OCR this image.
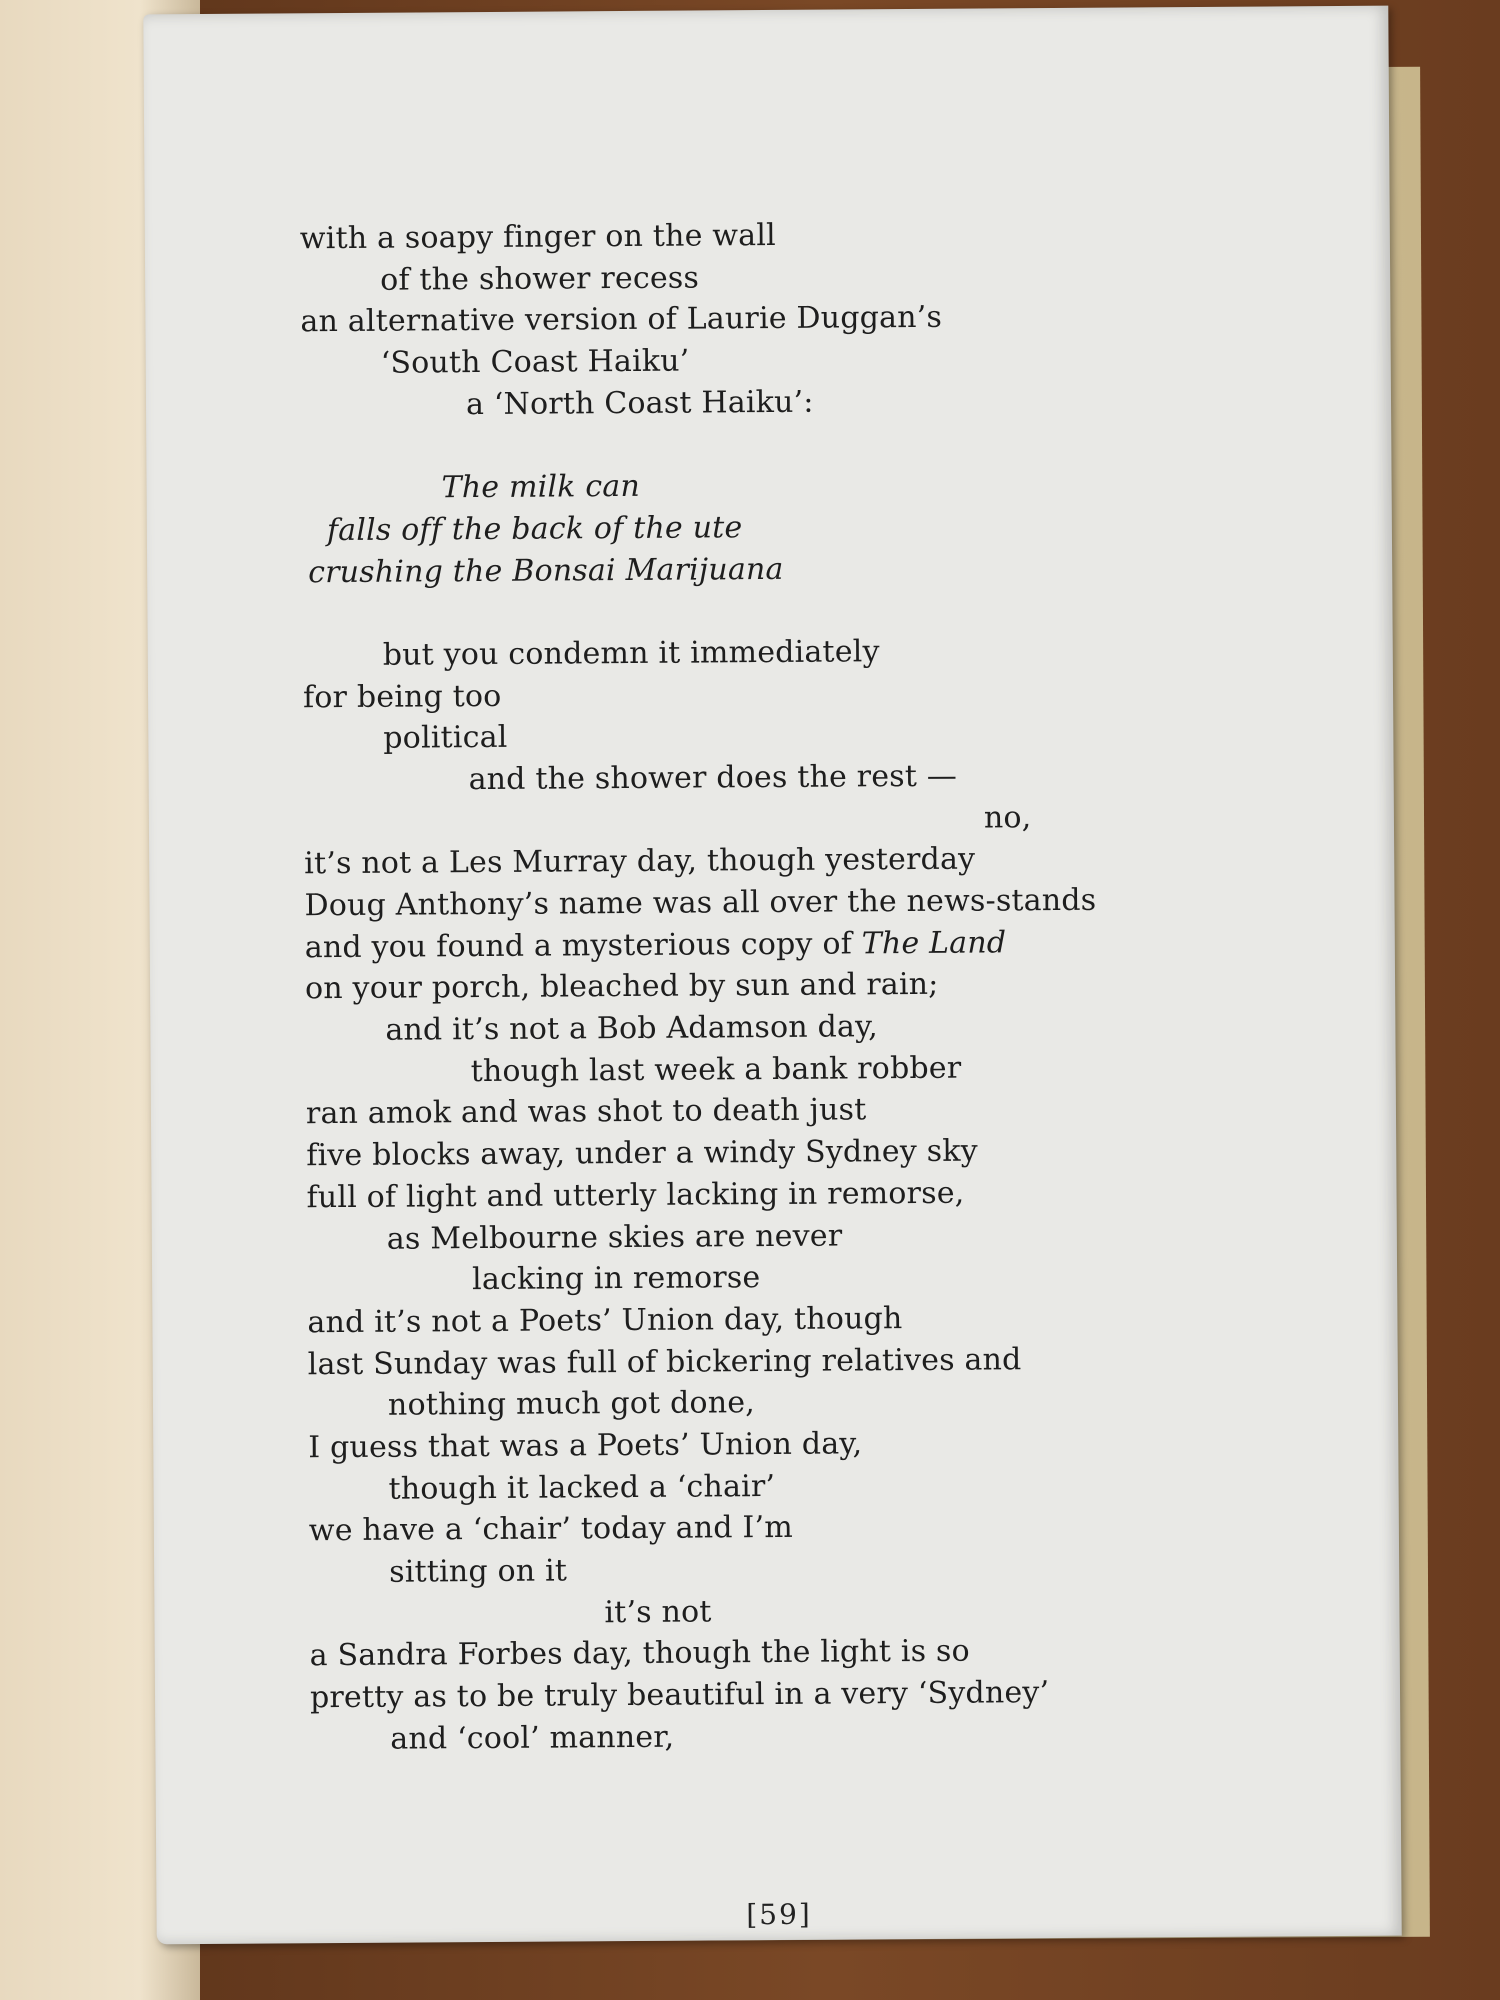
with a soapy finger on the wall
of the shower recess
an alternative version of Laurie Duggan’s
‘South Coast Haiku’
a ‘North Coast Haiku’:
The milk can
falls off the back of the ute
crushing the Bonsai Marijuana
but you condemn it immediately
for being too
political
and the shower does the rest —
no,
it’s not a Les Murray day, though yesterday
Doug Anthony’s name was all over the news-stands
and you found a mysterious copy of The Land
on your porch, bleached by sun and rain;
and it’s not a Bob Adamson day,
though last week a bank robber
ran amok and was shot to death just
five blocks away, under a windy Sydney sky
full of light and utterly lacking in remorse,
as Melbourne skies are never
lacking in remorse
and it’s not a Poets’ Union day, though
last Sunday was full of bickering relatives and
nothing much got done,
I guess that was a Poets’ Union day,
though it lacked a ‘chair’
we have a ‘chair’ today and I’m
sitting on it
it’s not
a Sandra Forbes day, though the light is so
pretty as to be truly beautiful in a very ‘Sydney’
and ‘cool’ manner,
[59]
